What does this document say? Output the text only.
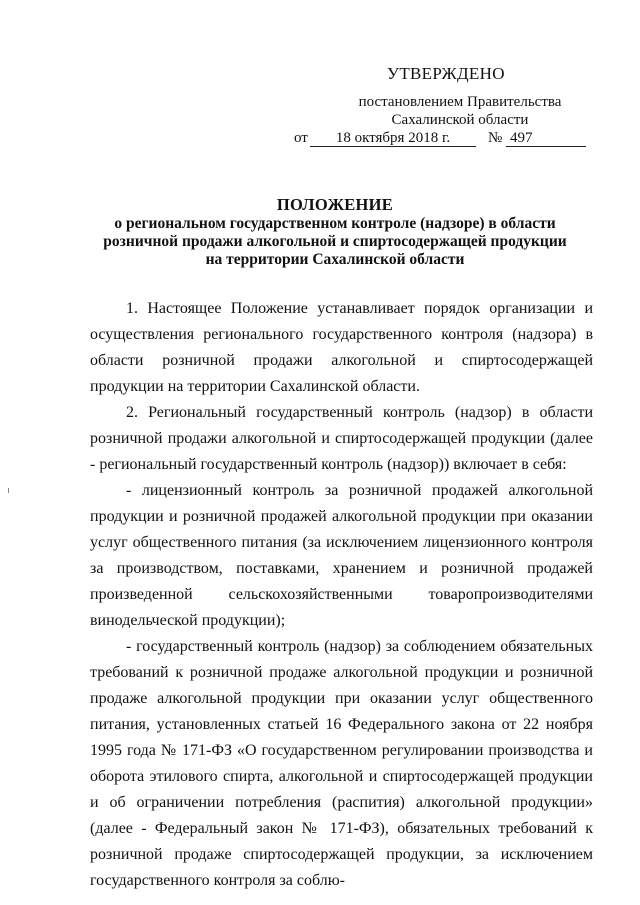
УТВЕРЖДЕНО
постановлением Правительства
Сахалинской области
от	18 октября 2018 г.	№ 497
ПОЛОЖЕНИЕ
о региональном государственном контроле (надзоре) в области
розничной продажи алкогольной и спиртосодержащей продукции
на территории Сахалинской области

1. Настоящее Положение устанавливает порядок организации и осуществления регионального государственного контроля (надзора) в области розничной продажи алкогольной и спиртосодержащей продукции на территории Сахалинской области.

2. Региональный государственный контроль (надзор) в области розничной продажи алкогольной и спиртосодержащей продукции (далее - региональный государственный контроль (надзор)) включает в себя:

- лицензионный контроль за розничной продажей алкогольной продукции и розничной продажей алкогольной продукции при оказании услуг общественного питания (за исключением лицензионного контроля за производством, поставками, хранением и розничной продажей произведенной сельскохозяйственными товаропроизводителями винодельческой продукции);

- государственный контроль (надзор) за соблюдением обязательных требований к розничной продаже алкогольной продукции и розничной продаже алкогольной продукции при оказании услуг общественного питания, установленных статьей 16 Федерального закона от 22 ноября 1995 года № 171-ФЗ «О государственном регулировании производства и оборота этилового спирта, алкогольной и спиртосодержащей продукции и об ограничении потребления (распития) алкогольной продукции» (далее - Федеральный закон № 171-ФЗ), обязательных требований к розничной продаже спиртосодержащей продукции, за исключением государственного контроля за соблю-
